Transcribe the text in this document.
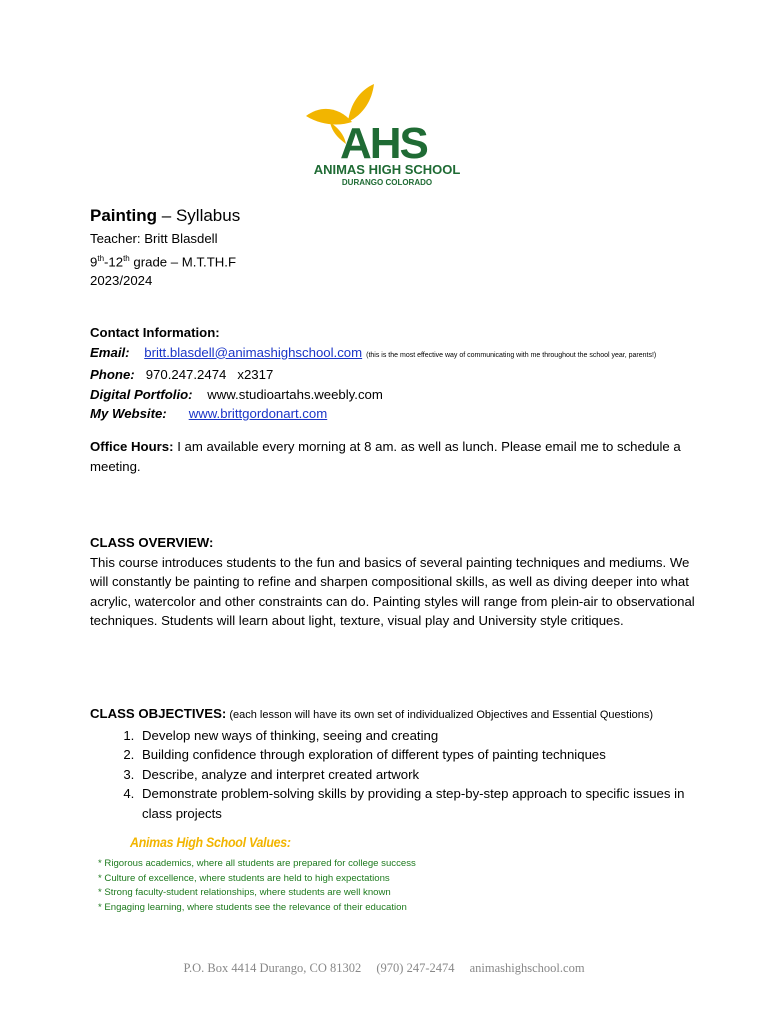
AHS
ANIMAS HIGH SCHOOL
DURANGO COLORADO
Painting – Syllabus
Teacher: Britt Blasdell
9th-12th grade – M.T.TH.F
2023/2024
Contact Information:
Email: britt.blasdell@animashighschool.com (this is the most effective way of communicating with me throughout the school year, parents!)
Phone: 970.247.2474   x2317
Digital Portfolio: www.studioartahs.weebly.com
My Website: www.brittgordonart.com
Office Hours: I am available every morning at 8 am. as well as lunch. Please email me to schedule a meeting.
CLASS OVERVIEW:
This course introduces students to the fun and basics of several painting techniques and mediums. We will constantly be painting to refine and sharpen compositional skills, as well as diving deeper into what acrylic, watercolor and other constraints can do. Painting styles will range from plein-air to observational techniques. Students will learn about light, texture, visual play and University style critiques.
CLASS OBJECTIVES: (each lesson will have its own set of individualized Objectives and Essential Questions)
1. Develop new ways of thinking, seeing and creating
2. Building confidence through exploration of different types of painting techniques
3. Describe, analyze and interpret created artwork
4. Demonstrate problem-solving skills by providing a step-by-step approach to specific issues in class projects
Animas High School Values:
* Rigorous academics, where all students are prepared for college success
* Culture of excellence, where students are held to high expectations
* Strong faculty-student relationships, where students are well known
* Engaging learning, where students see the relevance of their education
P.O. Box 4414 Durango, CO 81302 (970) 247-2474 animashighschool.com
